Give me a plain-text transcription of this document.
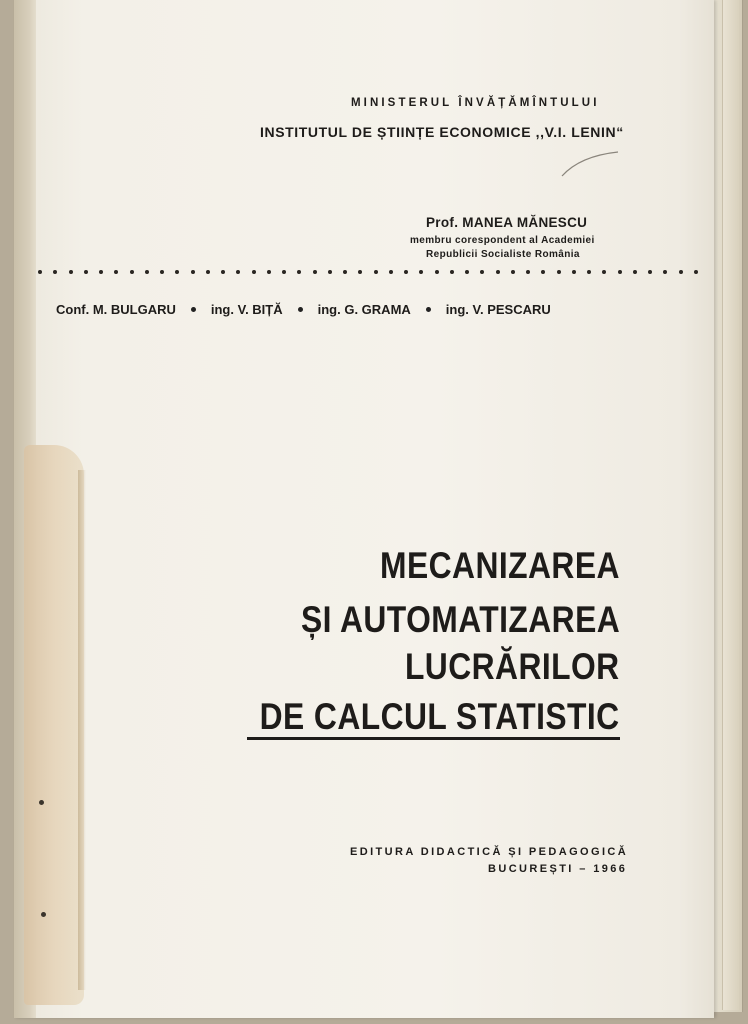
MINISTERUL ÎNVĂȚĂMÎNTULUI
INSTITUTUL DE ȘTIINȚE ECONOMICE ,,V.I. LENIN“
Prof. MANEA MĂNESCU
membru corespondent al Academiei
Republicii Socialiste România
Conf. M. BULGARU	ing. V. BIȚĂ	ing. G. GRAMA	ing. V. PESCARU
MECANIZAREA
ȘI AUTOMATIZAREA
LUCRĂRILOR
DE CALCUL STATISTIC
EDITURA DIDACTICĂ ȘI PEDAGOGICĂ
BUCUREȘTI – 1966
